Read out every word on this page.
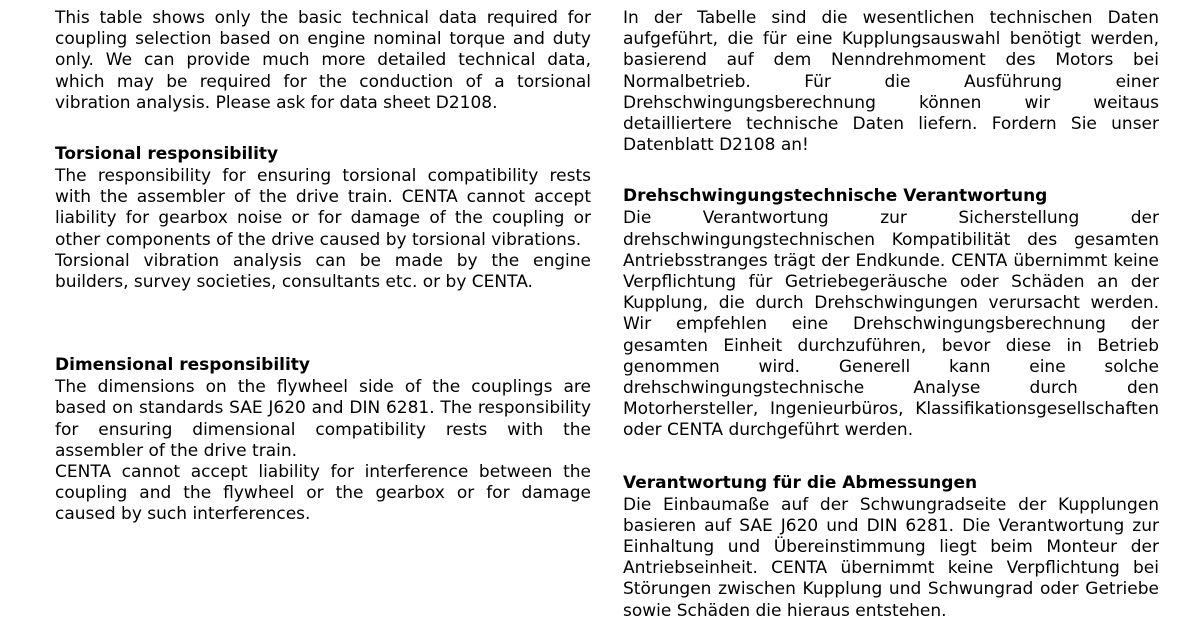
This table shows only the basic technical data required for coupling selection based on engine nominal torque and duty only. We can provide much more detailed technical data, which may be required for the conduction of a torsional vibration analysis. Please ask for data sheet D2108.

Torsional responsibility

The responsibility for ensuring torsional compatibility rests with the assembler of the drive train. CENTA cannot accept liability for gearbox noise or for damage of the coupling or other components of the drive caused by torsional vibrations.

Torsional vibration analysis can be made by the engine builders, survey societies, consultants etc. or by CENTA.

Dimensional responsibility

The dimensions on the flywheel side of the couplings are based on standards SAE J620 and DIN 6281. The responsibility for ensuring dimensional compatibility rests with the assembler of the drive train.

CENTA cannot accept liability for interference between the coupling and the flywheel or the gearbox or for damage caused by such interferences.

In der Tabelle sind die wesentlichen technischen Daten aufgeführt, die für eine Kupplungsauswahl benötigt werden, basierend auf dem Nenndrehmoment des Motors bei Normalbetrieb. Für die Ausführung einer Drehschwingungsberechnung können wir weitaus detailliertere technische Daten liefern. Fordern Sie unser Datenblatt D2108 an!

Drehschwingungstechnische Verantwortung

Die Verantwortung zur Sicherstellung der drehschwingungstechnischen Kompatibilität des gesamten Antriebsstranges trägt der Endkunde. CENTA übernimmt keine Verpflichtung für Getriebegeräusche oder Schäden an der Kupplung, die durch Drehschwingungen verursacht werden. Wir empfehlen eine Drehschwingungsberechnung der gesamten Einheit durchzuführen, bevor diese in Betrieb genommen wird. Generell kann eine solche drehschwingungstechnische Analyse durch den Motorhersteller, Ingenieurbüros, Klassifikationsgesellschaften oder CENTA durchgeführt werden.

Verantwortung für die Abmessungen

Die Einbaumaße auf der Schwungradseite der Kupplungen basieren auf SAE J620 und DIN 6281. Die Verantwortung zur Einhaltung und Übereinstimmung liegt beim Monteur der Antriebseinheit. CENTA übernimmt keine Verpflichtung bei Störungen zwischen Kupplung und Schwungrad oder Getriebe sowie Schäden die hieraus entstehen.
